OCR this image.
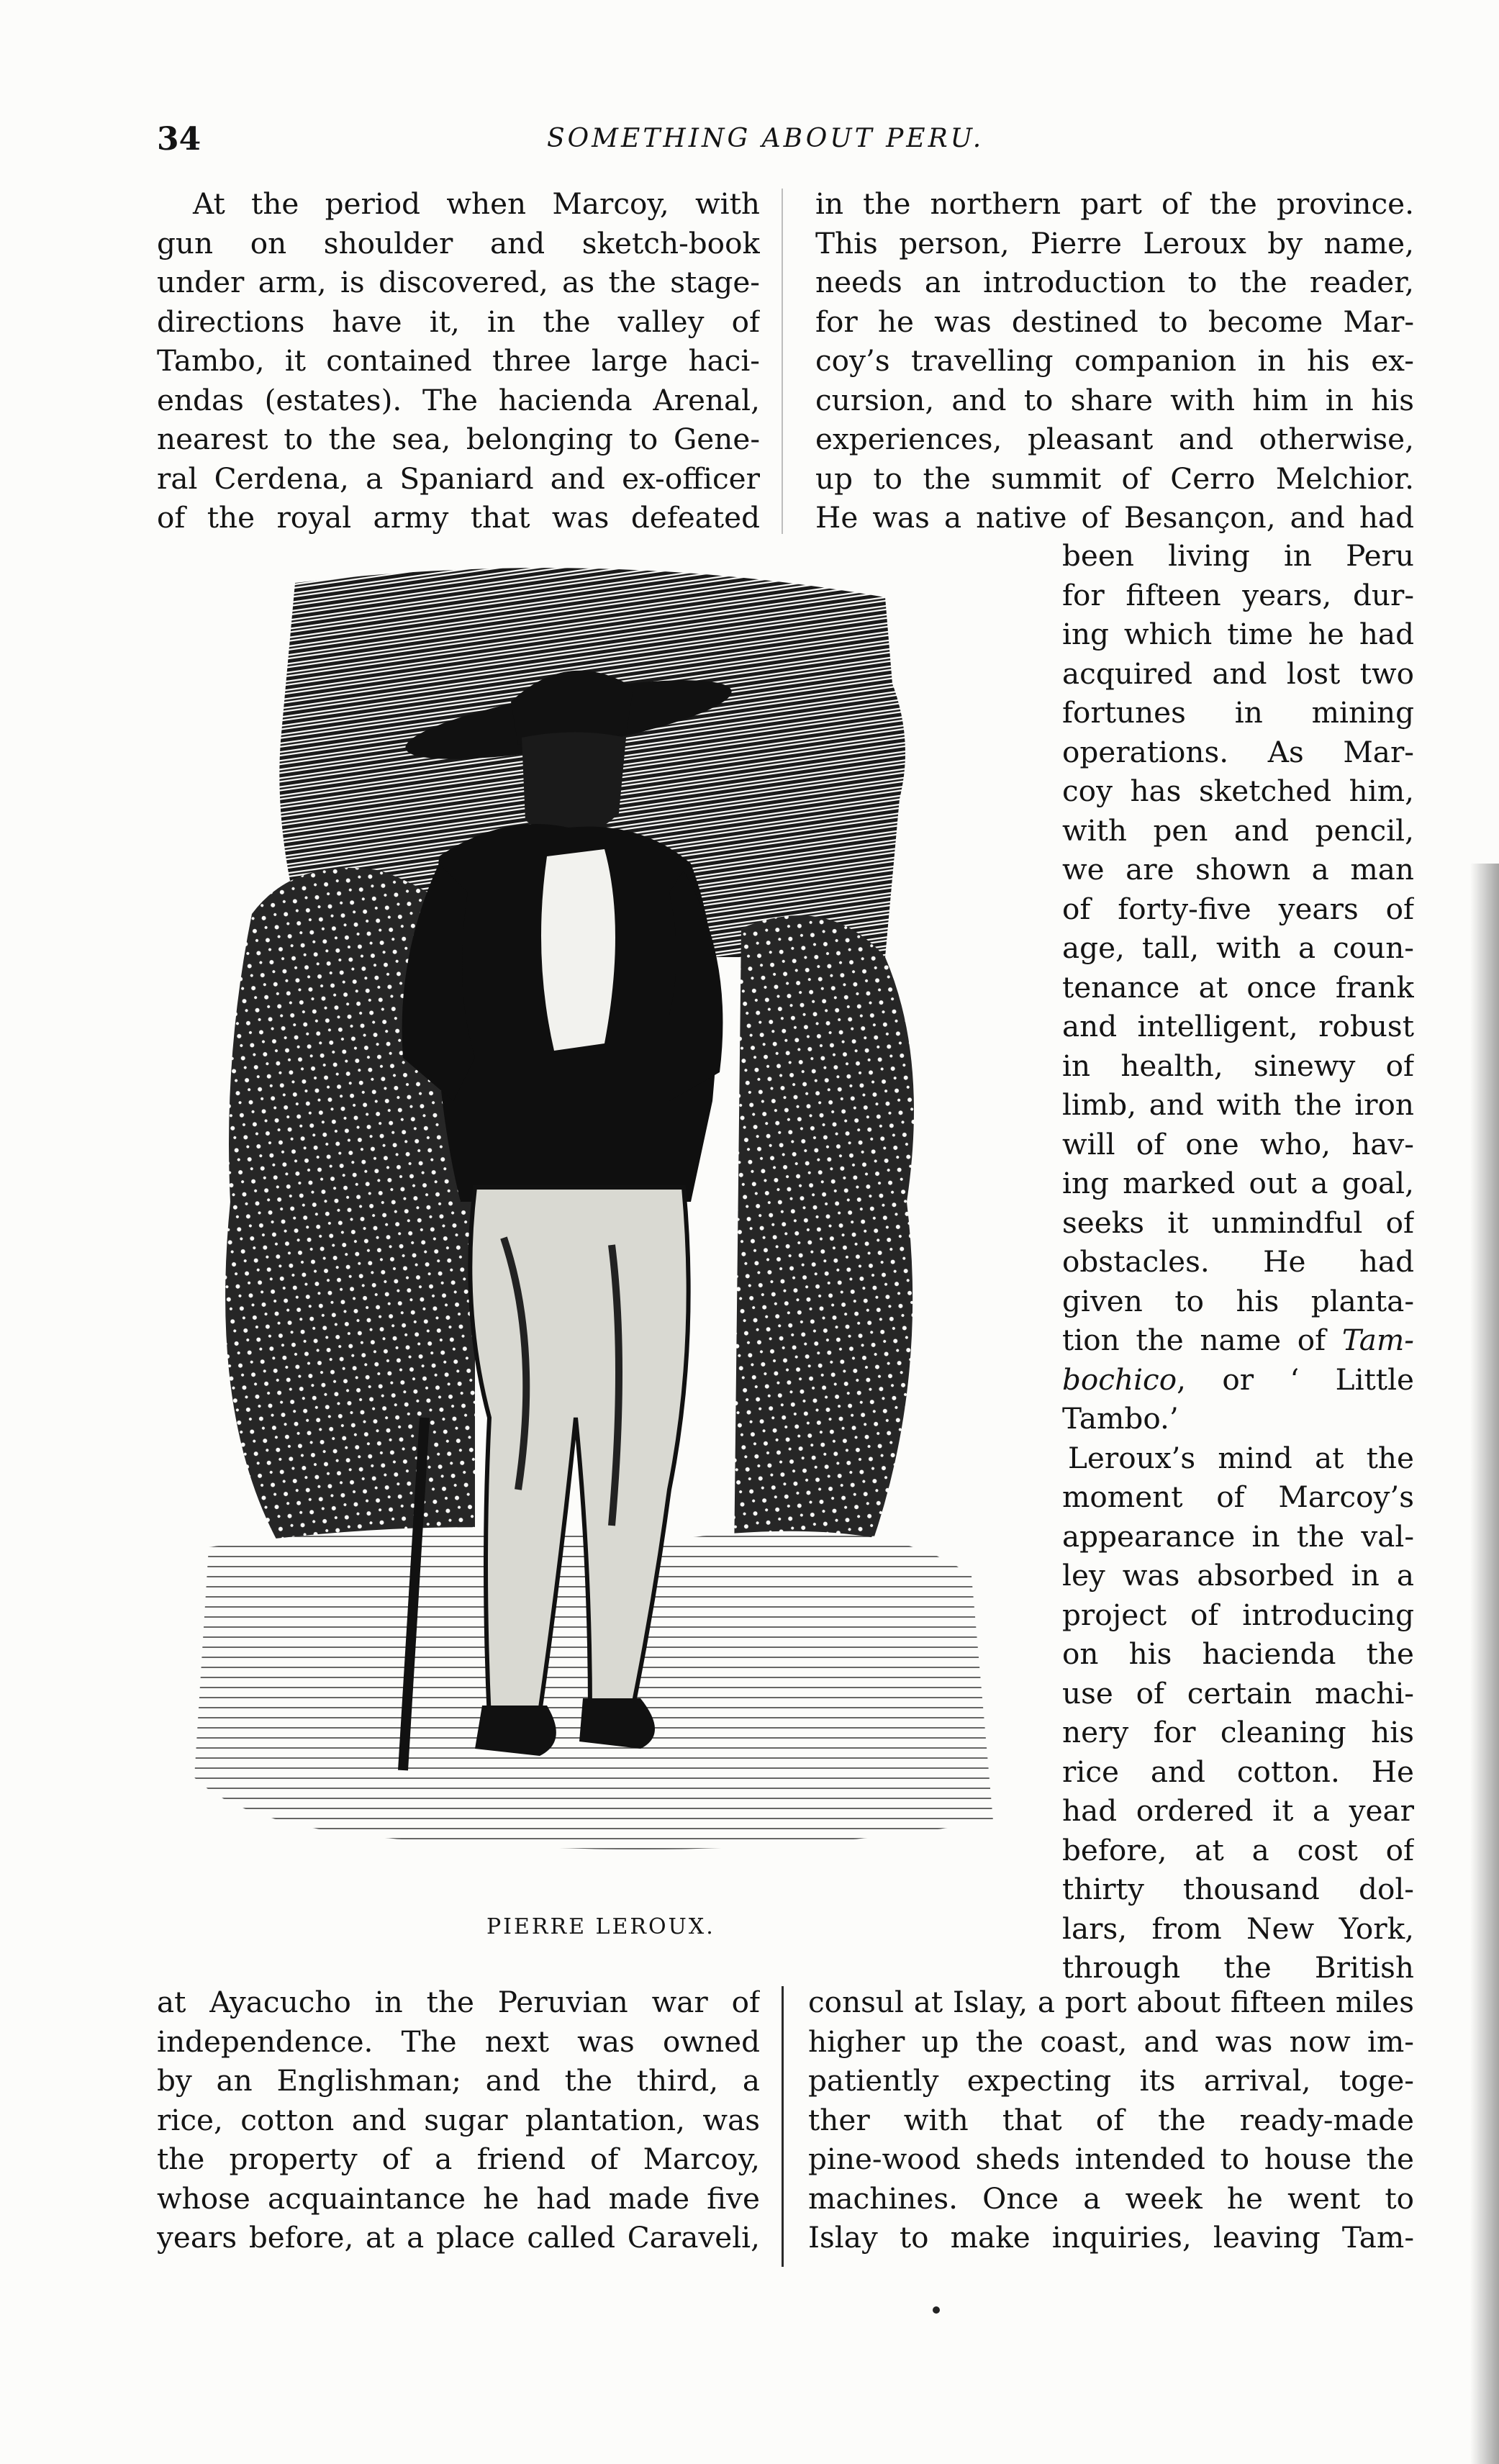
34	SOMETHING ABOUT PERU.
At the period when Marcoy, with
gun on shoulder and sketch-book
under arm, is discovered, as the stage-
directions have it, in the valley of
Tambo, it contained three large haci-
endas (estates). The hacienda Arenal,
nearest to the sea, belonging to Gene-
ral Cerdena, a Spaniard and ex-officer
of the royal army that was defeated
in the northern part of the province.
This person, Pierre Leroux by name,
needs an introduction to the reader,
for he was destined to become Mar-
coy’s travelling companion in his ex-
cursion, and to share with him in his
experiences, pleasant and otherwise,
up to the summit of Cerro Melchior.
He was a native of Besançon, and had
PIERRE LEROUX.
been living in Peru
for fifteen years, dur-
ing which time he had
acquired and lost two
fortunes in mining
operations. As Mar-
coy has sketched him,
with pen and pencil,
we are shown a man
of forty-five years of
age, tall, with a coun-
tenance at once frank
and intelligent, robust
in health, sinewy of
limb, and with the iron
will of one who, hav-
ing marked out a goal,
seeks it unmindful of
obstacles. He had
given to his planta-
tion the name of Tam-
bochico, or ‘ Little
Tambo.’
Leroux’s mind at the
moment of Marcoy’s
appearance in the val-
ley was absorbed in a
project of introducing
on his hacienda the
use of certain machi-
nery for cleaning his
rice and cotton. He
had ordered it a year
before, at a cost of
thirty thousand dol-
lars, from New York,
through the British
at Ayacucho in the Peruvian war of
independence. The next was owned
by an Englishman; and the third, a
rice, cotton and sugar plantation, was
the property of a friend of Marcoy,
whose acquaintance he had made five
years before, at a place called Caraveli,
consul at Islay, a port about fifteen miles
higher up the coast, and was now im-
patiently expecting its arrival, toge-
ther with that of the ready-made
pine-wood sheds intended to house the
machines. Once a week he went to
Islay to make inquiries, leaving Tam-
